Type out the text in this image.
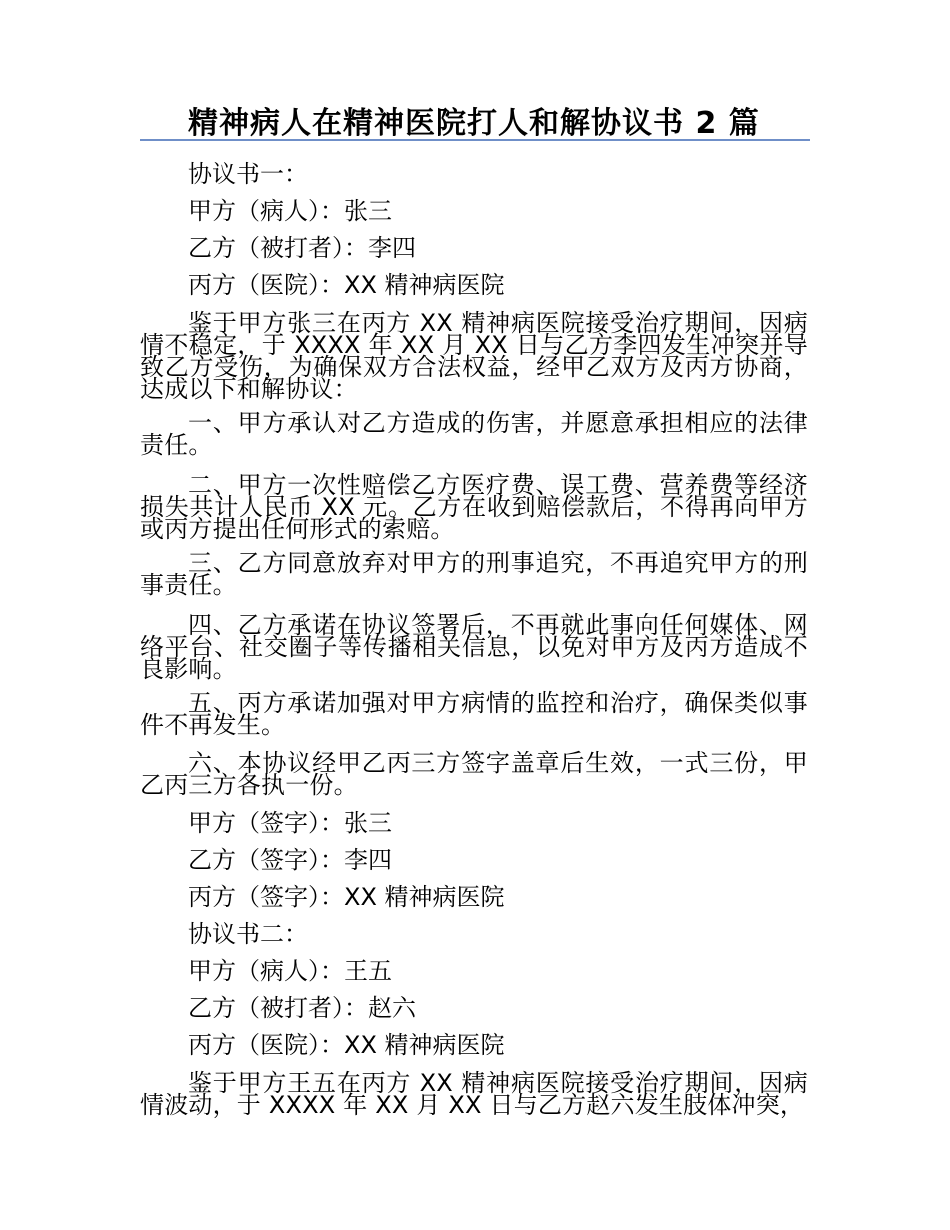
精神病人在精神医院打人和解协议书 2 篇
协议书一：
甲方（病人）：张三
乙方（被打者）：李四
丙方（医院）：XX 精神病医院
鉴于甲方张三在丙方 XX 精神病医院接受治疗期间，因病情不稳定，于 XXXX 年 XX 月 XX 日与乙方李四发生冲突并导致乙方受伤，为确保双方合法权益，经甲乙双方及丙方协商，达成以下和解协议：
一、甲方承认对乙方造成的伤害，并愿意承担相应的法律责任。
二、甲方一次性赔偿乙方医疗费、误工费、营养费等经济损失共计人民币 XX 元。乙方在收到赔偿款后，不得再向甲方或丙方提出任何形式的索赔。
三、乙方同意放弃对甲方的刑事追究，不再追究甲方的刑事责任。
四、乙方承诺在协议签署后，不再就此事向任何媒体、网络平台、社交圈子等传播相关信息，以免对甲方及丙方造成不良影响。
五、丙方承诺加强对甲方病情的监控和治疗，确保类似事件不再发生。
六、本协议经甲乙丙三方签字盖章后生效，一式三份，甲乙丙三方各执一份。
甲方（签字）：张三
乙方（签字）：李四
丙方（签字）：XX 精神病医院
协议书二：
甲方（病人）：王五
乙方（被打者）：赵六
丙方（医院）：XX 精神病医院
鉴于甲方王五在丙方 XX 精神病医院接受治疗期间，因病情波动，于 XXXX 年 XX 月 XX 日与乙方赵六发生肢体冲突，
